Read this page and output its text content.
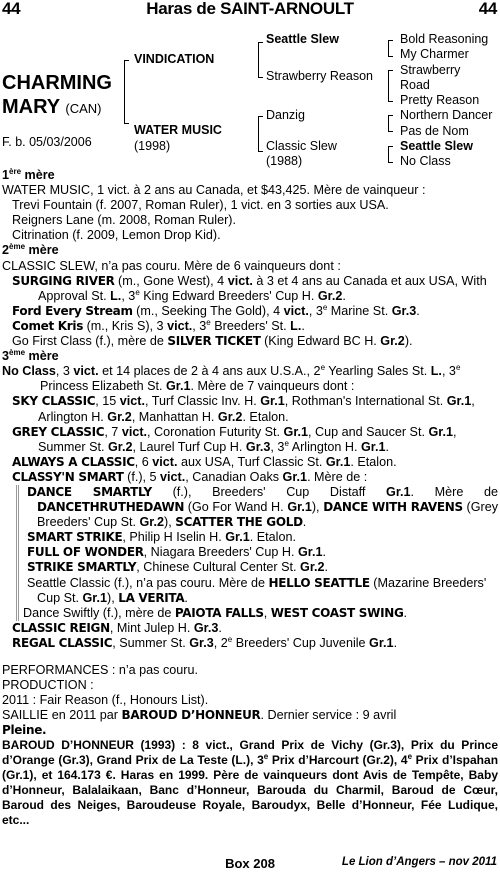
44	Haras de SAINT-ARNOULT	44
CHARMING
MARY (CAN)
F. b. 05/03/2006
VINDICATION
WATER MUSIC
(1998)
Seattle Slew
Strawberry Reason
Danzig
Classic Slew
(1988)
Bold Reasoning
My Charmer
Strawberry
Road
Pretty Reason
Northern Dancer
Pas de Nom
Seattle Slew
No Class

1ère mère

WATER MUSIC, 1 vict. à 2 ans au Canada, et $43,425. Mère de vainqueur :

Trevi Fountain (f. 2007, Roman Ruler), 1 vict. en 3 sorties aux USA.

Reigners Lane (m. 2008, Roman Ruler).

Citrination (f. 2009, Lemon Drop Kid).

2ème mère

CLASSIC SLEW, n’a pas couru. Mère de 6 vainqueurs dont :

SURGING RIVER (m., Gone West), 4 vict. à 3 et 4 ans au Canada et aux USA, With Approval St. L., 3e King Edward Breeders' Cup H. Gr.2.

Ford Every Stream (m., Seeking The Gold), 4 vict., 3e Marine St. Gr.3.

Comet Kris (m., Kris S), 3 vict., 3e Breeders' St. L..

Go First Class (f.), mère de SILVER TICKET (King Edward BC H. Gr.2).

3ème mère

No Class, 3 vict. et 14 places de 2 à 4 ans aux U.S.A., 2e Yearling Sales St. L., 3e Princess Elizabeth St. Gr.1. Mère de 7 vainqueurs dont :

SKY CLASSIC, 15 vict., Turf Classic Inv. H. Gr.1, Rothman's International St. Gr.1, Arlington H. Gr.2, Manhattan H. Gr.2. Etalon.

GREY CLASSIC, 7 vict., Coronation Futurity St. Gr.1, Cup and Saucer St. Gr.1, Summer St. Gr.2, Laurel Turf Cup H. Gr.3, 3e Arlington H. Gr.1.

ALWAYS A CLASSIC, 6 vict. aux USA, Turf Classic St. Gr.1. Etalon.

CLASSY'N SMART (f.), 5 vict., Canadian Oaks Gr.1. Mère de :

DANCE SMARTLY (f.), Breeders' Cup Distaff Gr.1. Mère de DANCETHRUTHEDAWN (Go For Wand H. Gr.1), DANCE WITH RAVENS (Grey Breeders' Cup St. Gr.2), SCATTER THE GOLD.

SMART STRIKE, Philip H Iselin H. Gr.1. Etalon.

FULL OF WONDER, Niagara Breeders' Cup H. Gr.1.

STRIKE SMARTLY, Chinese Cultural Center St. Gr.2.

Seattle Classic (f.), n’a pas couru. Mère de HELLO SEATTLE (Mazarine Breeders' Cup St. Gr.1), LA VERITA.

Dance Swiftly (f.), mère de PAIOTA FALLS, WEST COAST SWING.

CLASSIC REIGN, Mint Julep H. Gr.3.

REGAL CLASSIC, Summer St. Gr.3, 2e Breeders' Cup Juvenile Gr.1.

PERFORMANCES : n’a pas couru.

PRODUCTION :

2011 : Fair Reason (f., Honours List).

SAILLIE en 2011 par BAROUD D’HONNEUR. Dernier service : 9 avril

Pleine.

BAROUD D’HONNEUR (1993) : 8 vict., Grand Prix de Vichy (Gr.3), Prix du Prince d’Orange (Gr.3), Grand Prix de La Teste (L.), 3e Prix d’Harcourt (Gr.2), 4e Prix d’Ispahan (Gr.1), et 164.173 €. Haras en 1999. Père de vainqueurs dont Avis de Tempête, Baby d’Honneur, Balalaikaan, Banc d’Honneur, Barouda du Charmil, Baroud de Cœur, Baroud des Neiges, Baroudeuse Royale, Baroudyx, Belle d’Honneur, Fée Ludique, etc...

Box 208	Le Lion d’Angers – nov 2011
